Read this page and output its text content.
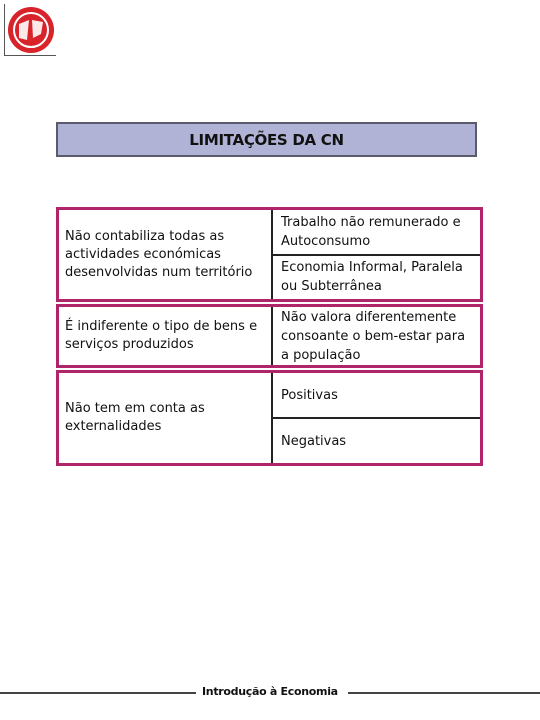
LIMITAÇÕES DA CN
Não contabiliza todas as actividades económicas desenvolvidas num território
Trabalho não remunerado e Autoconsumo
Economia Informal, Paralela ou Subterrânea
É indiferente o tipo de bens e serviços produzidos
Não valora diferentemente consoante o bem-estar para a população
Não tem em conta as externalidades
Positivas
Negativas
Introdução à Economia
